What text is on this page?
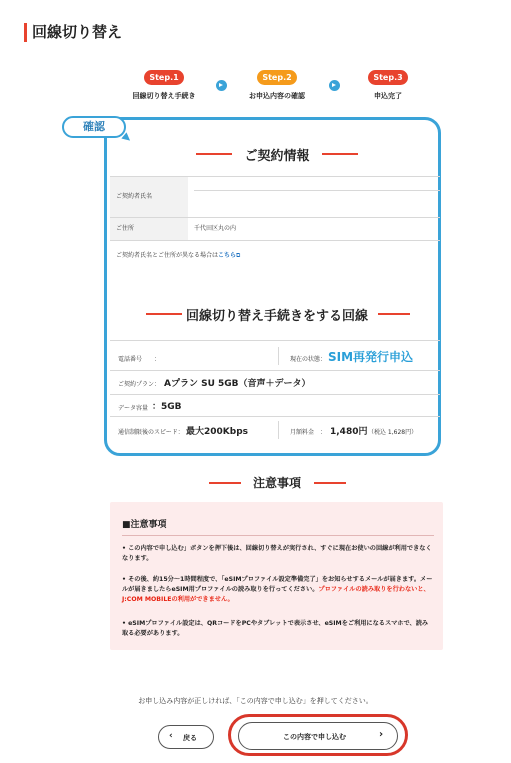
回線切り替え
Step.1
回線切り替え手続き
Step.2
お申込内容の確認
Step.3
申込完了
確認
ご契約情報
ご契約者氏名
ご住所	千代田区丸の内
ご契約者氏名とご住所が異なる場合はこちら⧉
回線切り替え手続きをする回線
電話番号 ：	現在の状態 ： SIM再発行申込
ご契約プラン： Aプラン SU 5GB（音声＋データ）
データ容量 ：5GB
通信制限後のスピード： 最大200Kbps	月額料金 ： 1,480円 （税込 1,628円）
注意事項
■注意事項
• この内容で申し込む」ボタンを押下後は、回線切り替えが実行され、すぐに現在お使いの回線が利用できなくなります。
• その後、約15分〜1時間程度で、「eSIMプロファイル設定準備完了」をお知らせするメールが届きます。メールが届きましたらeSIM用プロファイルの読み取りを行ってください。プロファイルの読み取りを行わないと、J:COM MOBILEの利用ができません。
• eSIMプロファイル設定は、QRコードをPCやタブレットで表示させ、eSIMをご利用になるスマホで、読み取る必要があります。
お申し込み内容が正しければ、「この内容で申し込む」を押してください。
‹ 戻る	この内容で申し込む	›
